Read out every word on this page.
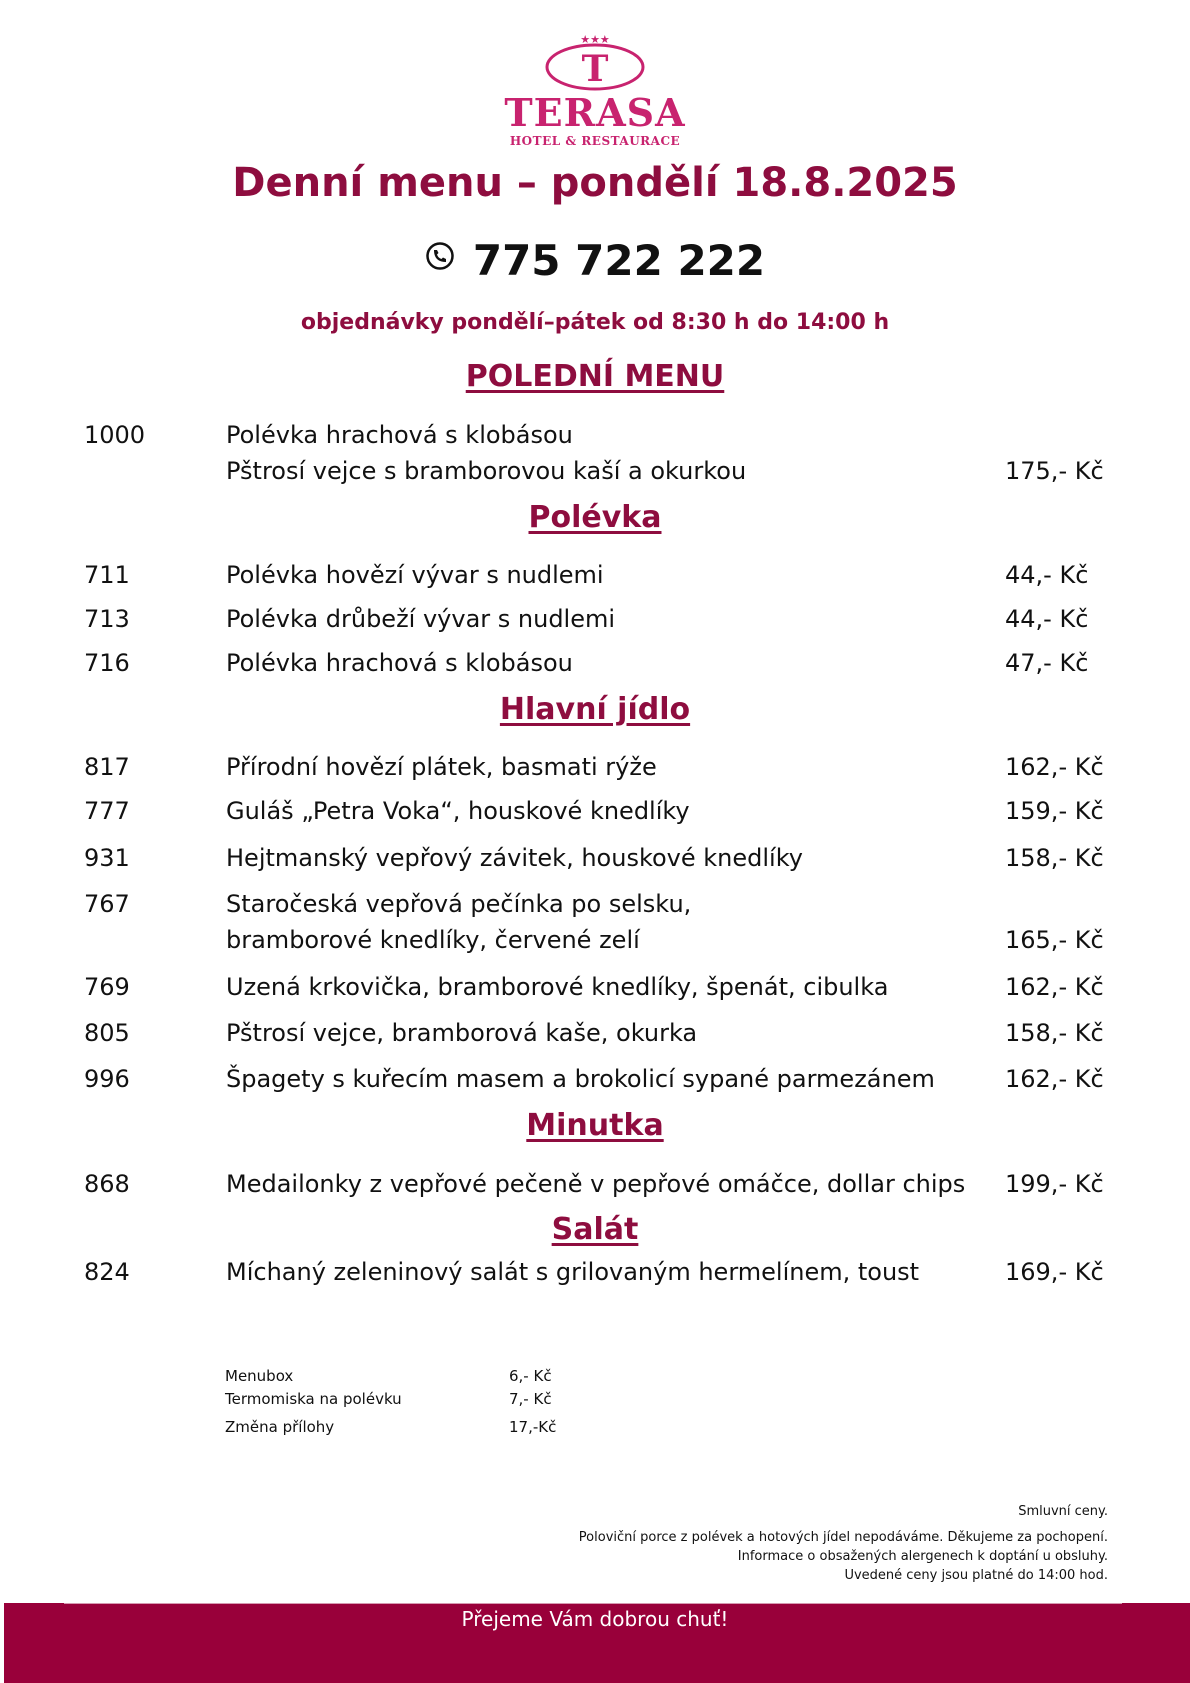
★★★
T
TERASA
HOTEL & RESTAURACE
Denní menu – pondělí 18.8.2025
775 722 222
objednávky pondělí–pátek od 8:30 h do 14:00 h
POLEDNÍ MENU
1000	Polévka hrachová s klobásou
Pštrosí vejce s bramborovou kaší a okurkou	175,- Kč
Polévka
711	Polévka hovězí vývar s nudlemi	44,- Kč
713	Polévka drůbeží vývar s nudlemi	44,- Kč
716	Polévka hrachová s klobásou	47,- Kč
Hlavní jídlo
817	Přírodní hovězí plátek, basmati rýže	162,- Kč
777	Guláš „Petra Voka“, houskové knedlíky	159,- Kč
931	Hejtmanský vepřový závitek, houskové knedlíky	158,- Kč
767	Staročeská vepřová pečínka po selsku,
bramborové knedlíky, červené zelí	165,- Kč
769	Uzená krkovička, bramborové knedlíky, špenát, cibulka	162,- Kč
805	Pštrosí vejce, bramborová kaše, okurka	158,- Kč
996	Špagety s kuřecím masem a brokolicí sypané parmezánem	162,- Kč
Minutka
868	Medailonky z vepřové pečeně v pepřové omáčce, dollar chips 199,- Kč
Salát
824	Míchaný zeleninový salát s grilovaným hermelínem, toust	169,- Kč
Menubox	6,- Kč
Termomiska na polévku	7,- Kč
Změna přílohy	17,-Kč
Smluvní ceny.
Poloviční porce z polévek a hotových jídel nepodáváme. Děkujeme za pochopení.
Informace o obsažených alergenech k doptání u obsluhy.
Uvedené ceny jsou platné do 14:00 hod.
Přejeme Vám dobrou chuť!
